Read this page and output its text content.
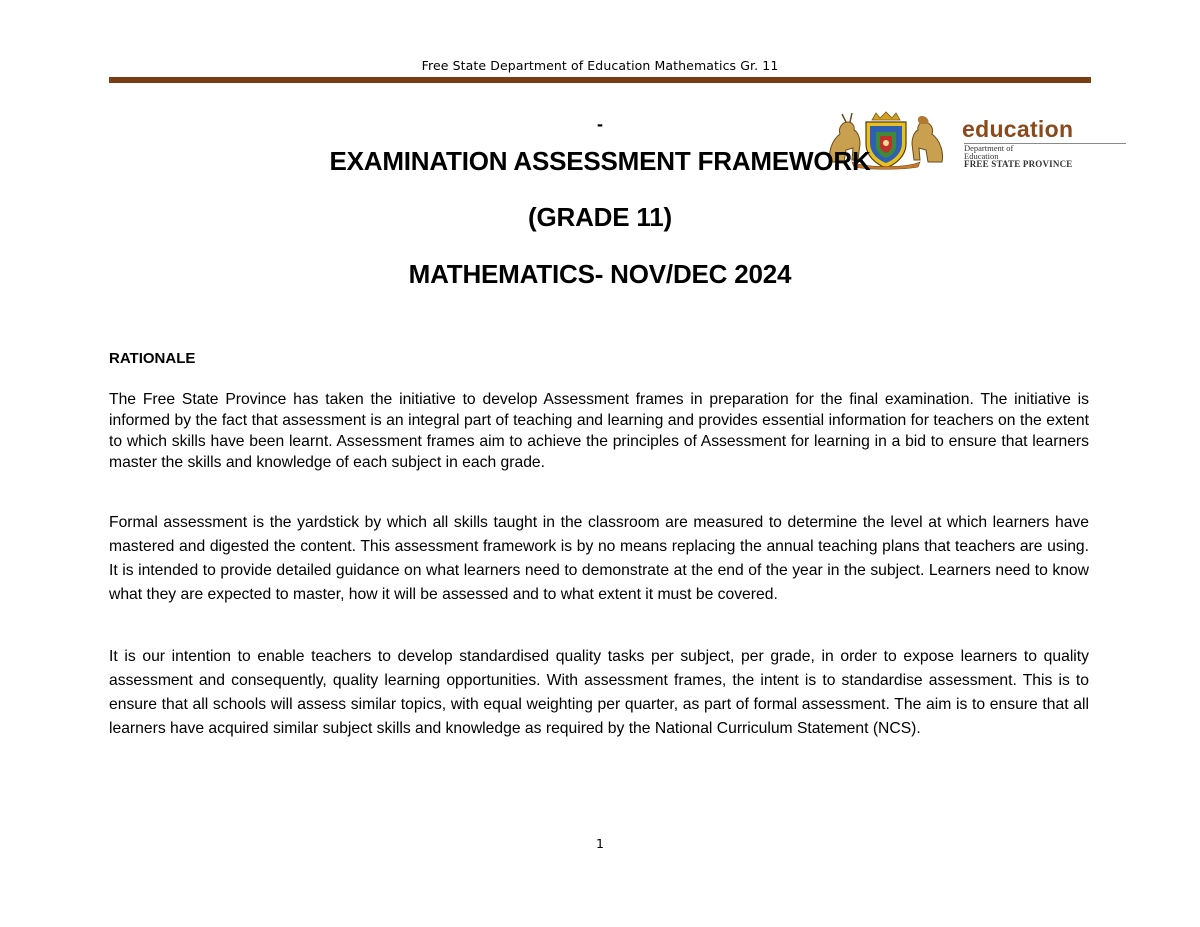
Free State Department of Education Mathematics Gr. 11
-	education
Department of
Education
FREE STATE PROVINCE
EXAMINATION ASSESSMENT FRAMEWORK
(GRADE 11)
MATHEMATICS- NOV/DEC 2024
RATIONALE

The Free State Province has taken the initiative to develop Assessment frames in preparation for the final examination. The initiative is informed by the fact that assessment is an integral part of teaching and learning and provides essential information for teachers on the extent to which skills have been learnt. Assessment frames aim to achieve the principles of Assessment for learning in a bid to ensure that learners master the skills and knowledge of each subject in each grade.

Formal assessment is the yardstick by which all skills taught in the classroom are measured to determine the level at which learners have mastered and digested the content. This assessment framework is by no means replacing the annual teaching plans that teachers are using. It is intended to provide detailed guidance on what learners need to demonstrate at the end of the year in the subject. Learners need to know what they are expected to master, how it will be assessed and to what extent it must be covered.

It is our intention to enable teachers to develop standardised quality tasks per subject, per grade, in order to expose learners to quality assessment and consequently, quality learning opportunities. With assessment frames, the intent is to standardise assessment. This is to ensure that all schools will assess similar topics, with equal weighting per quarter, as part of formal assessment. The aim is to ensure that all learners have acquired similar subject skills and knowledge as required by the National Curriculum Statement (NCS).

1
